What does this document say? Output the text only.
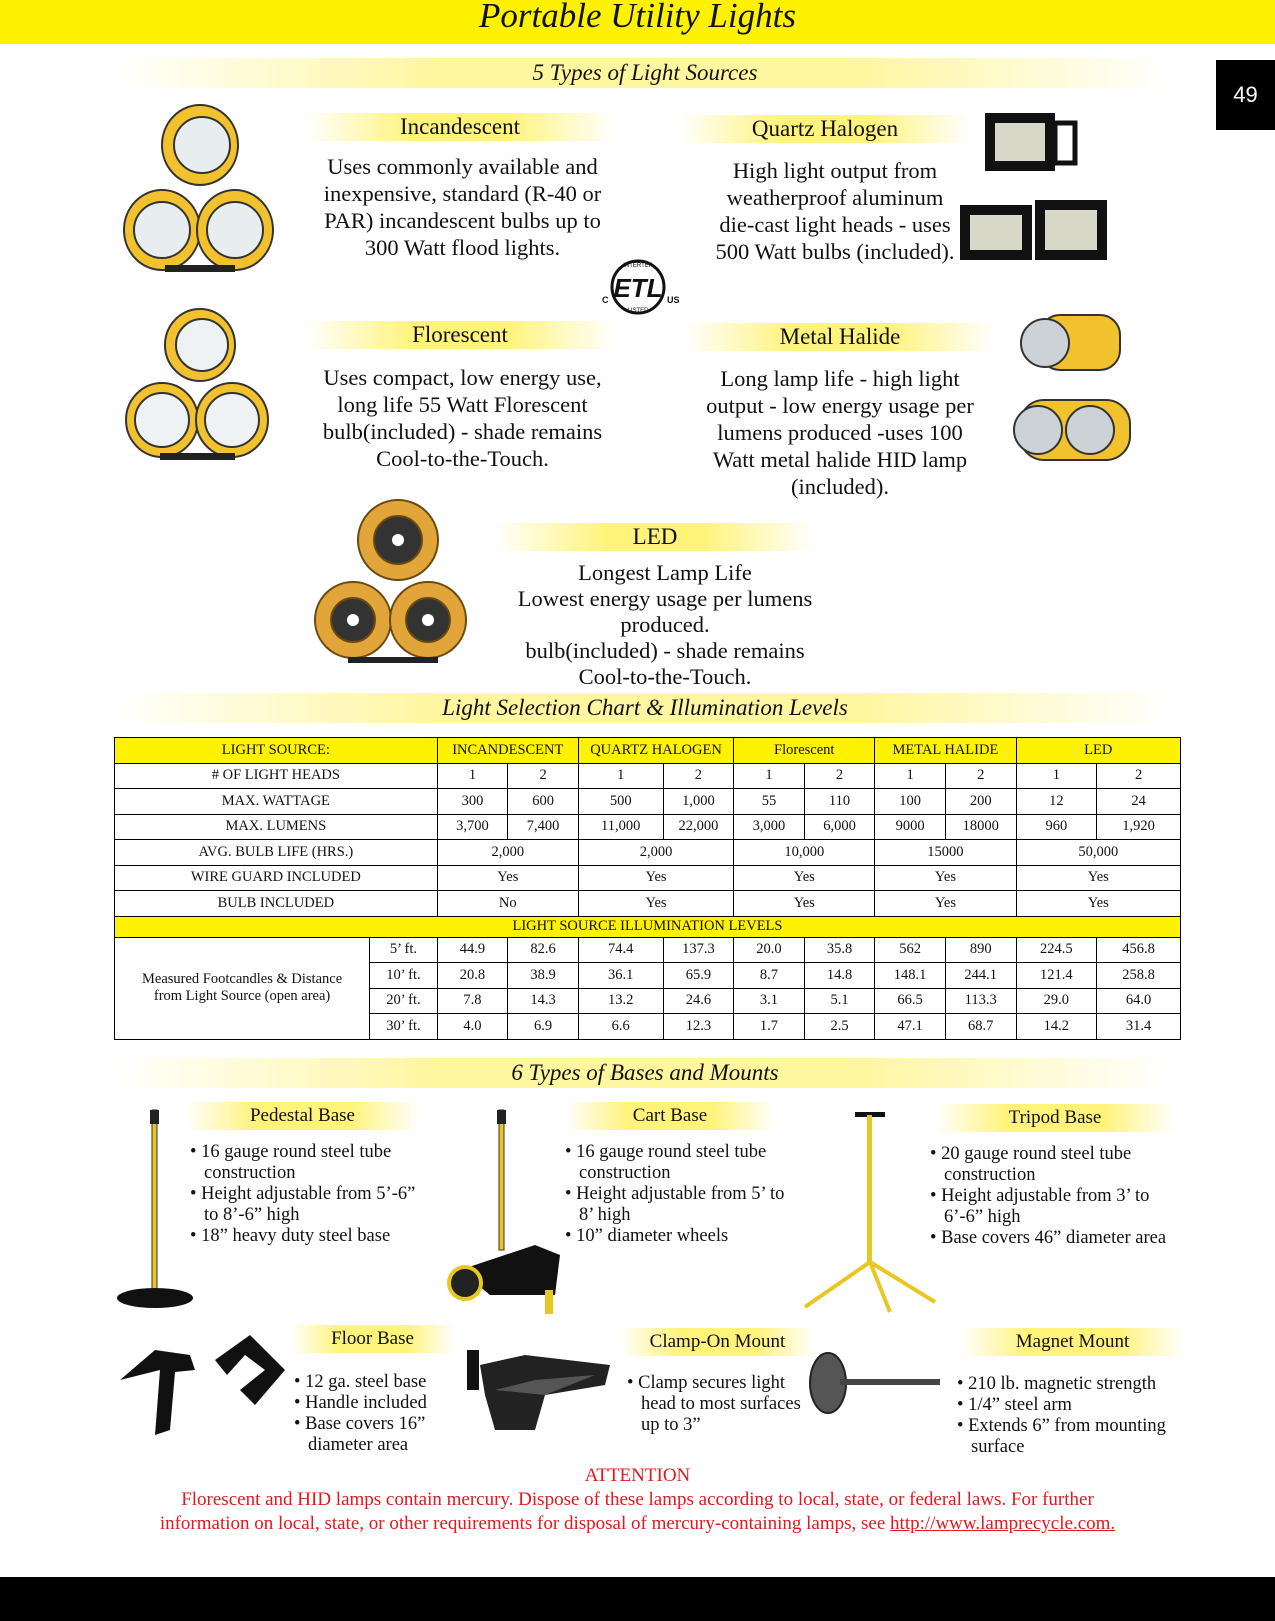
Portable Utility Lights
49
5 Types of Light Sources
ETL
INTERTEK
LISTED
C	US
Incandescent
Uses commonly available and
inexpensive, standard (R-40 or
PAR) incandescent bulbs up to
300 Watt flood lights.
Quartz Halogen
High light output from
weatherproof aluminum
die-cast light heads - uses
500 Watt bulbs (included).
Florescent
Uses compact, low energy use,
long life 55 Watt Florescent
bulb(included) - shade remains
Cool-to-the-Touch.
Metal Halide
Long lamp life - high light
output - low energy usage per
lumens produced -uses 100
Watt metal halide HID lamp
(included).
LED
Longest Lamp Life
Lowest energy usage per lumens
produced.
bulb(included) - shade remains
Cool-to-the-Touch.
Light Selection Chart & Illumination Levels
LIGHT SOURCE:		INCANDESCENT		QUARTZ HALOGEN		Florescent		METAL HALIDE		LED	
# OF LIGHT HEADS		1	2	1	2	1	2	1	2	1	2
MAX. WATTAGE		300	600	500	1,000	55	110	100	200	12	24
MAX. LUMENS		3,700	7,400	11,000	22,000	3,000	6,000	9000	18000	960	1,920
AVG. BULB LIFE (HRS.)		2,000		2,000		10,000		15000		50,000	
WIRE GUARD INCLUDED		Yes		Yes		Yes		Yes		Yes	
BULB INCLUDED		No		Yes		Yes		Yes		Yes	
LIGHT SOURCE ILLUMINATION LEVELS											

Measured Footcandles & Distance
from Light Source (open area)	5’ ft.	44.9	82.6	74.4	137.3	20.0	35.8	562	890	224.5	456.8
	10’ ft.	20.8	38.9	36.1	65.9	8.7	14.8	148.1	244.1	121.4	258.8
	20’ ft.	7.8	14.3	13.2	24.6	3.1	5.1	66.5	113.3	29.0	64.0
	30’ ft.	4.0	6.9	6.6	12.3	1.7	2.5	47.1	68.7	14.2	31.4
6 Types of Bases and Mounts
Pedestal Base
• 16 gauge round steel tube construction
• Height adjustable from 5’-6” to 8’-6” high
• 18” heavy duty steel base
Cart Base
• 16 gauge round steel tube construction
• Height adjustable from 5’ to 8’ high
• 10” diameter wheels
Tripod Base
• 20 gauge round steel tube construction
• Height adjustable from 3’ to 6’-6” high
• Base covers 46” diameter area
Floor Base
• 12 ga. steel base
• Handle included
• Base covers 16” diameter area
Clamp-On Mount
• Clamp secures light head to most surfaces up to 3”
Magnet Mount
• 210 lb. magnetic strength
• 1/4” steel arm
• Extends 6” from mounting surface
ATTENTION
Florescent and HID lamps contain mercury. Dispose of these lamps according to local, state, or federal laws. For further
information on local, state, or other requirements for disposal of mercury-containing lamps, see http://www.lamprecycle.com.
